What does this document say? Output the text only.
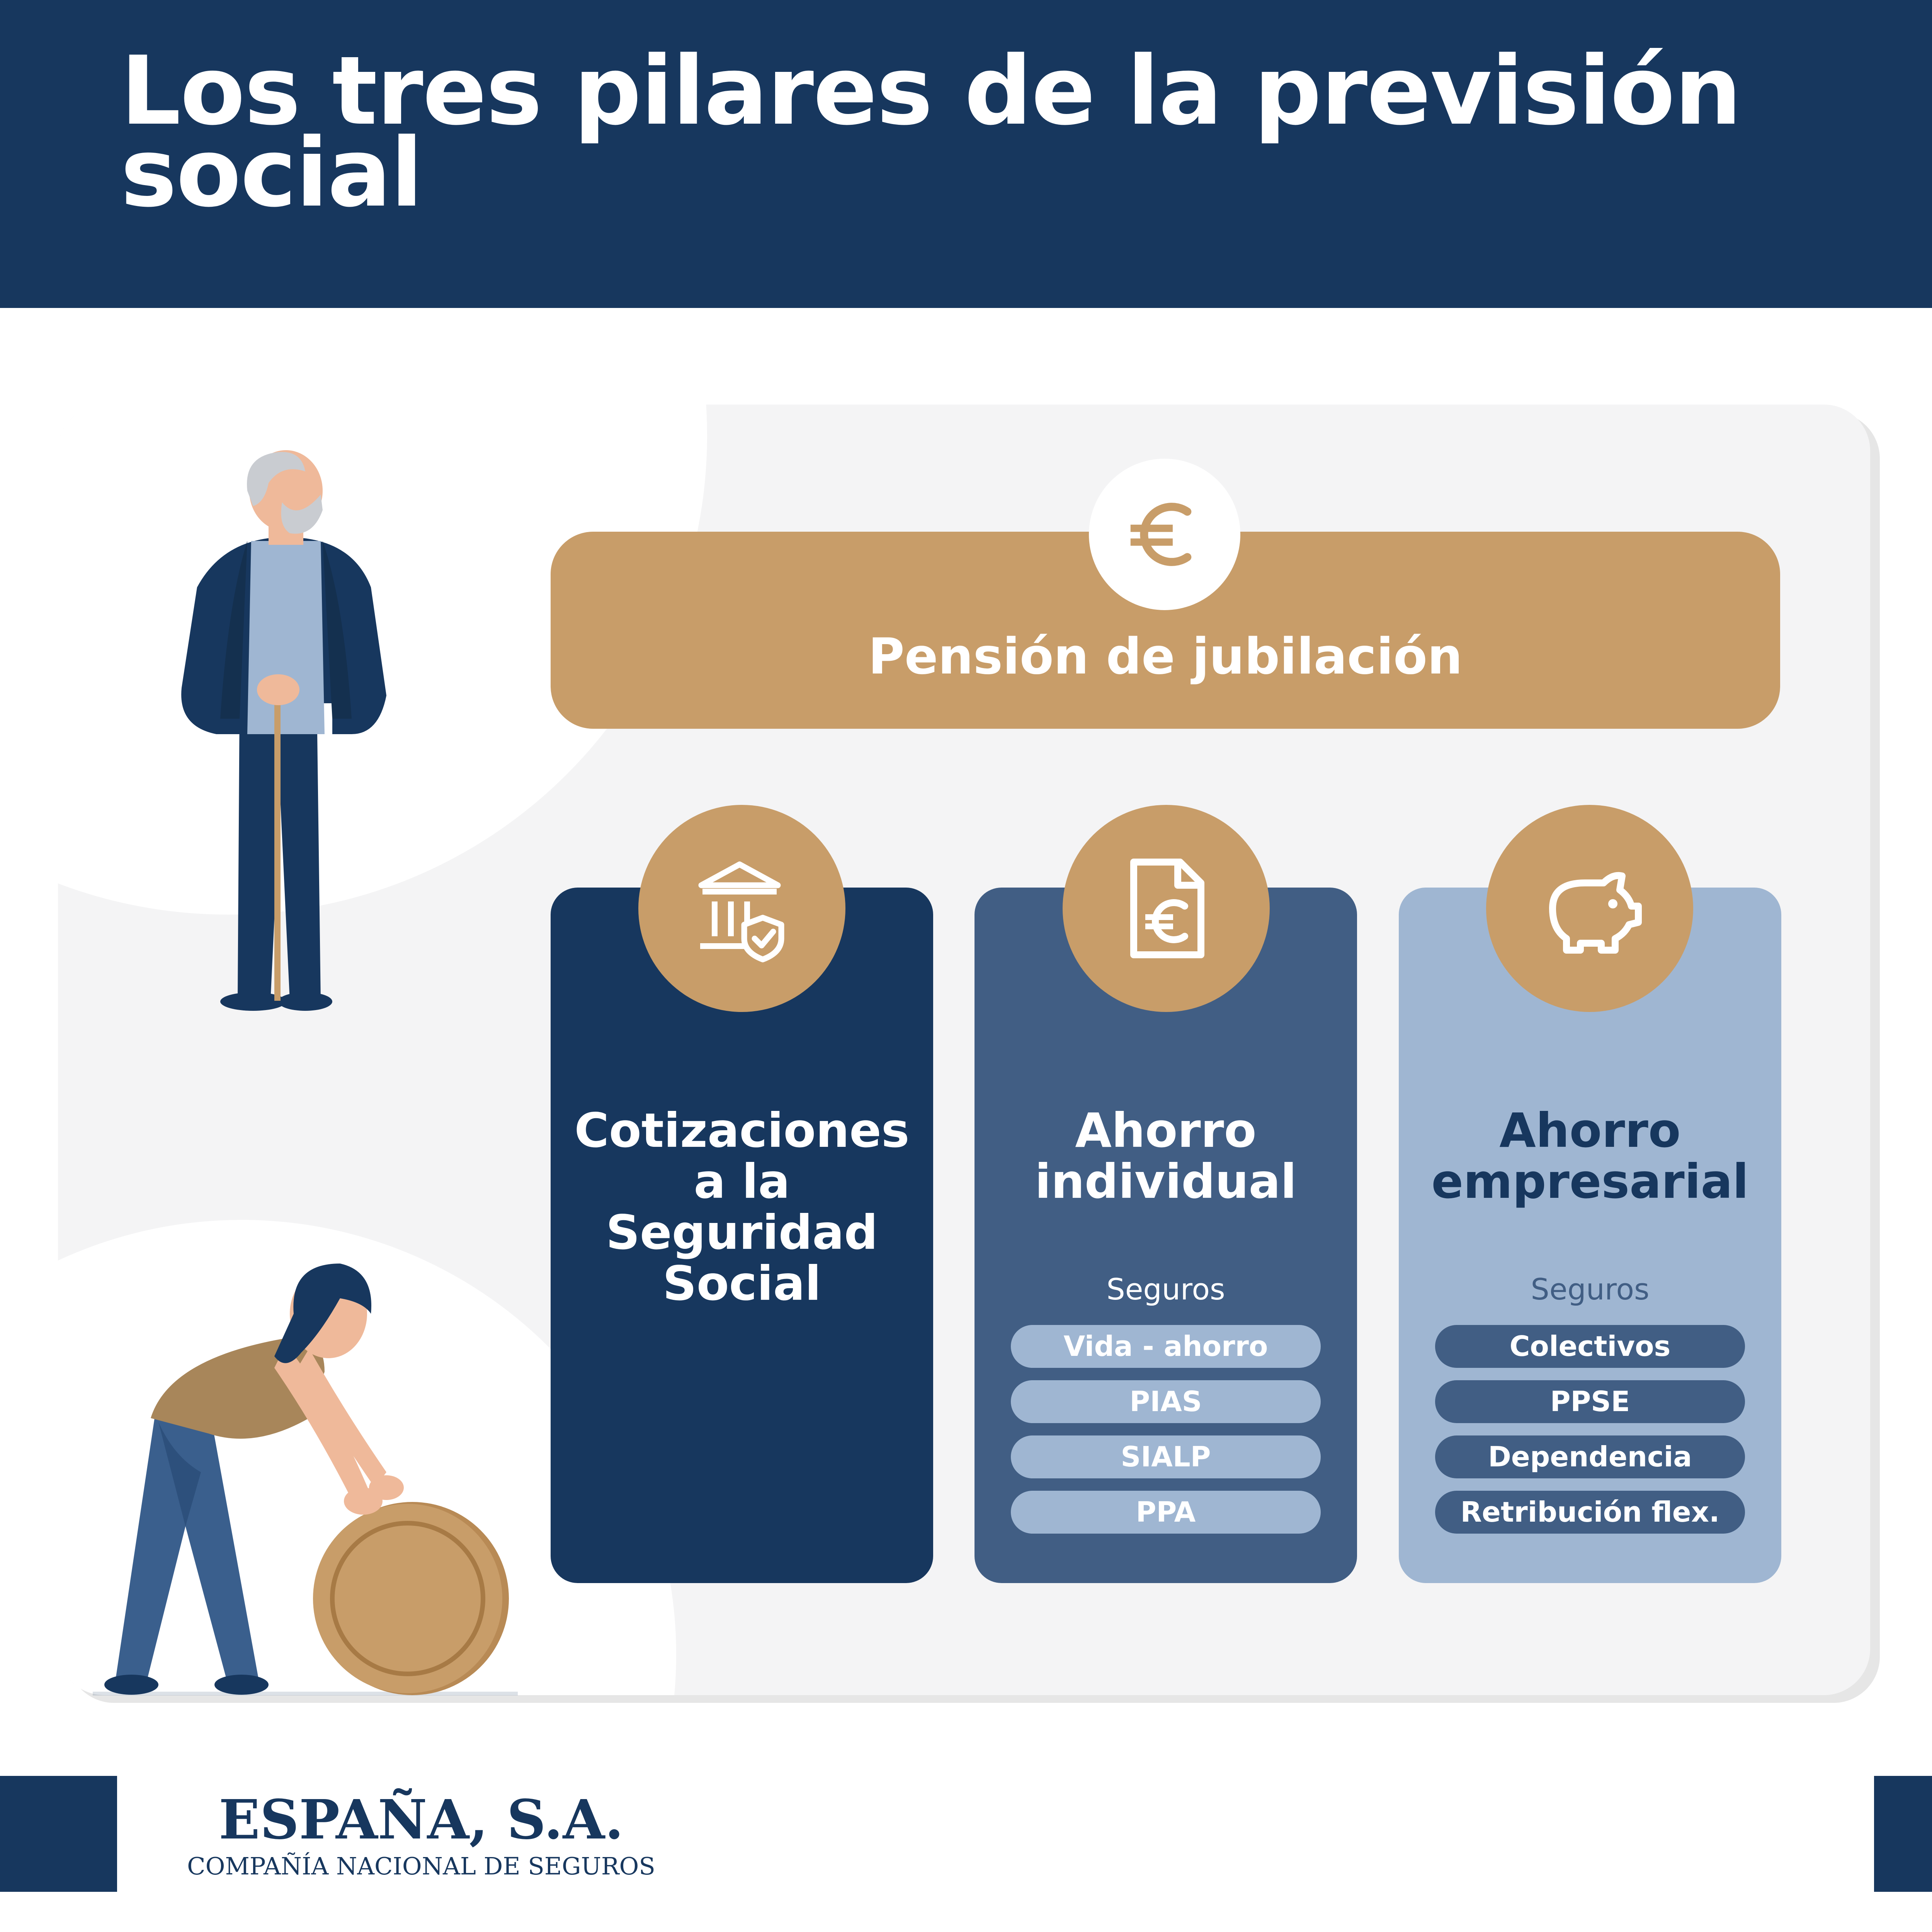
Los tres pilares de la previsión social
Pensión de jubilación
Cotizaciones a la Seguridad Social
Ahorro individual
Seguros
Vida - ahorro
PIAS
SIALP
PPA
Ahorro empresarial
Seguros
Colectivos
PPSE
Dependencia
Retribución flex.
ESPAÑA, S.A.
COMPAÑÍA NACIONAL DE SEGUROS
